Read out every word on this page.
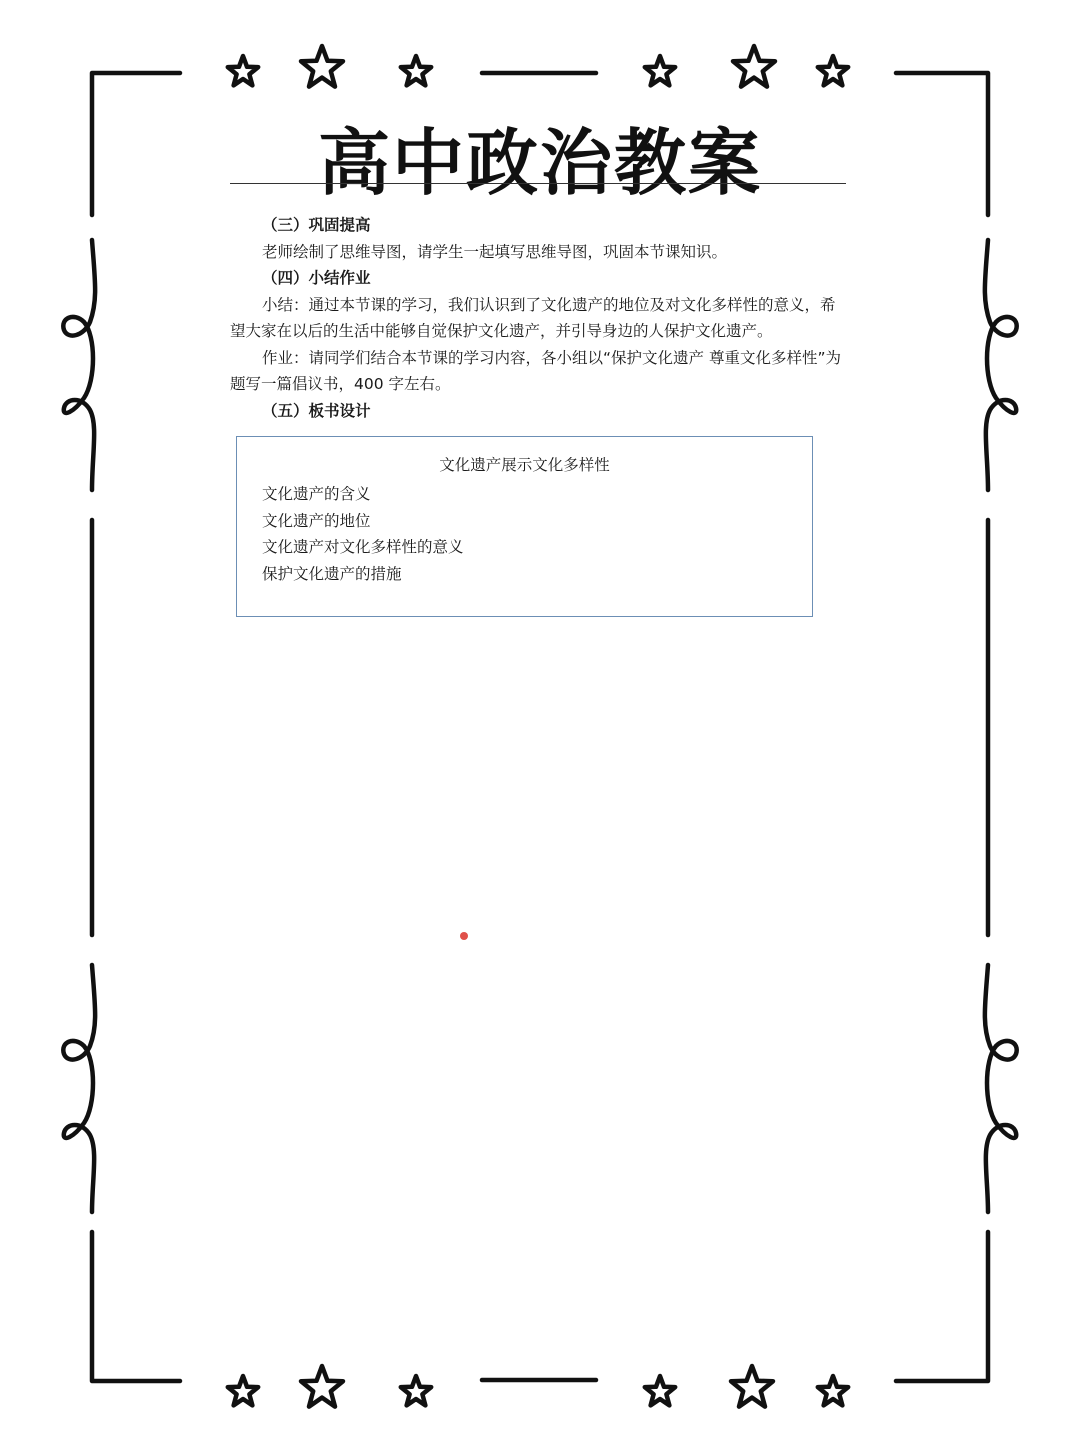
高中政治教案
（三）巩固提高
老师绘制了思维导图，请学生一起填写思维导图，巩固本节课知识。
（四）小结作业
小结：通过本节课的学习，我们认识到了文化遗产的地位及对文化多样性的意义，希望大家在以后的生活中能够自觉保护文化遗产，并引导身边的人保护文化遗产。
作业：请同学们结合本节课的学习内容，各小组以“保护文化遗产 尊重文化多样性”为题写一篇倡议书，400 字左右。
（五）板书设计
文化遗产展示文化多样性
文化遗产的含义
文化遗产的地位
文化遗产对文化多样性的意义
保护文化遗产的措施
